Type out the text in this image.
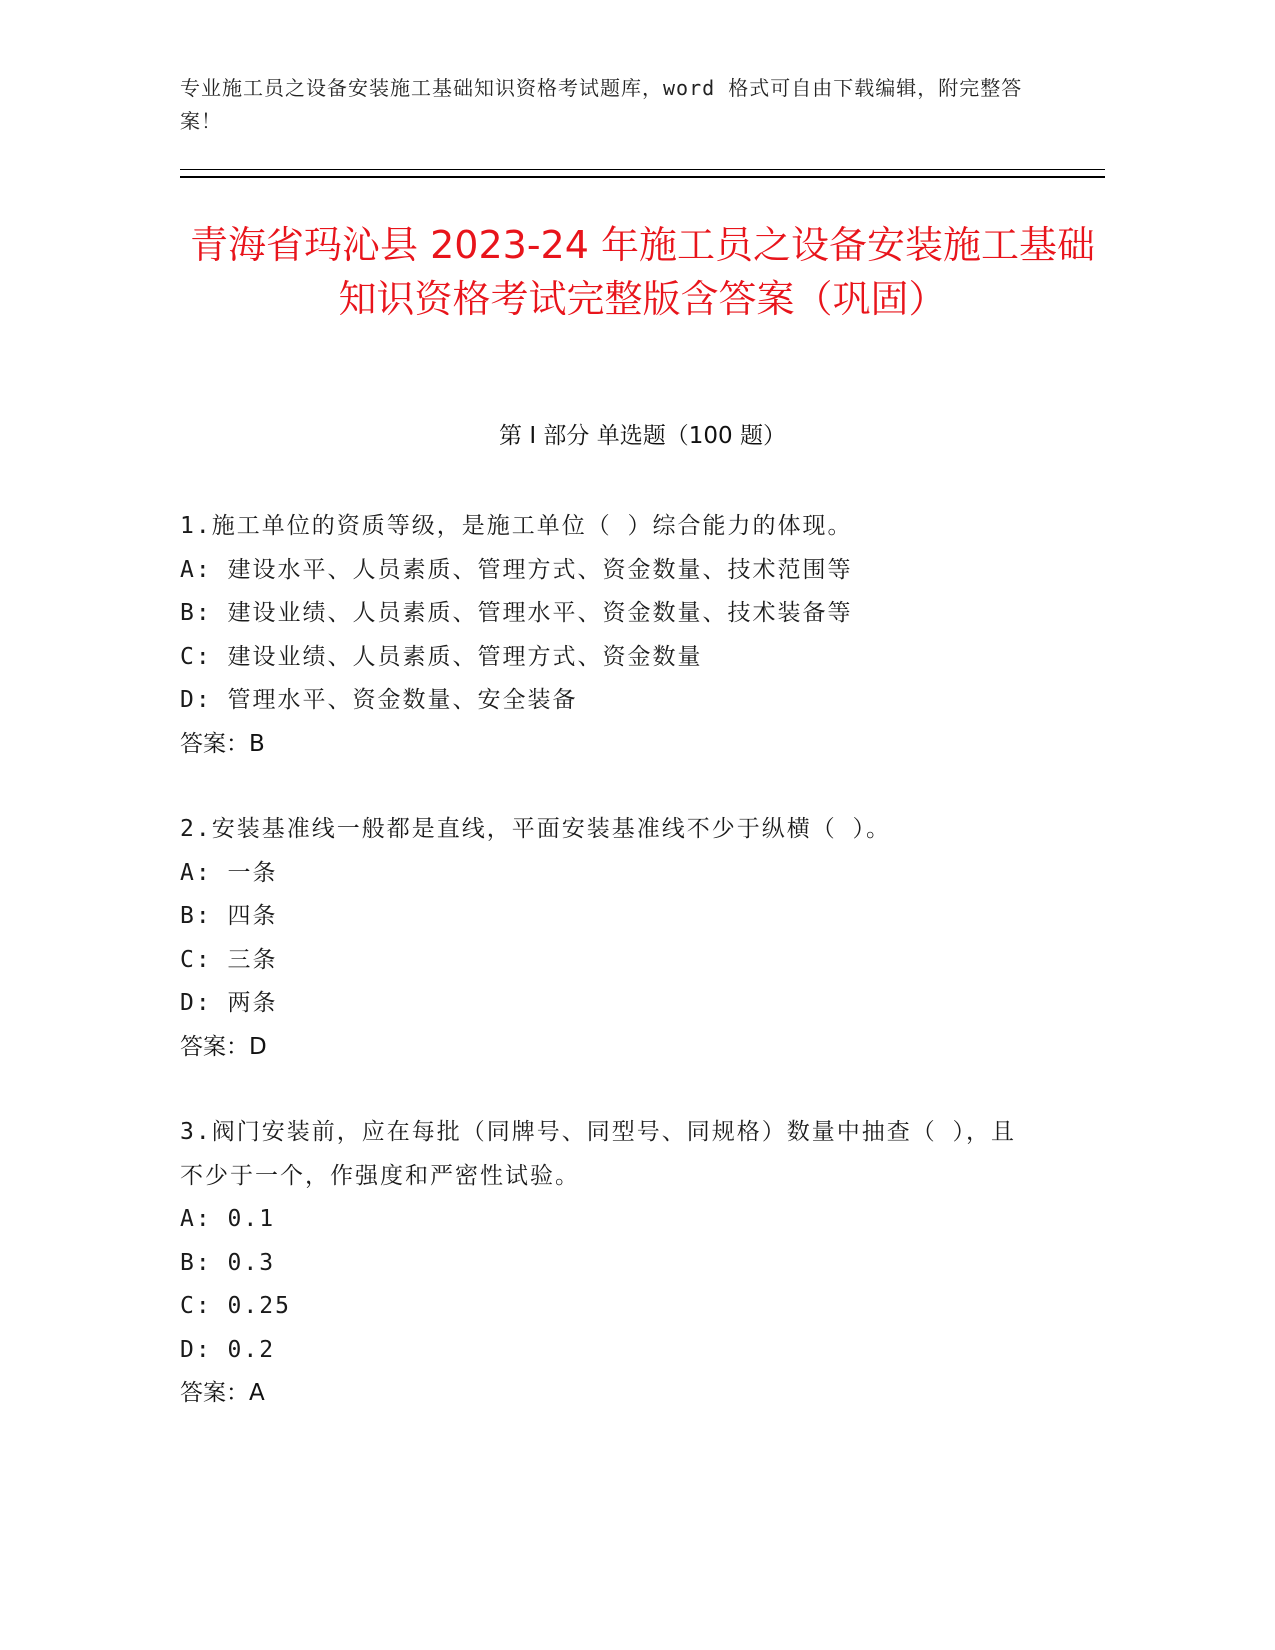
专业施工员之设备安装施工基础知识资格考试题库，word 格式可自由下载编辑，附完整答案！
青海省玛沁县 2023-24 年施工员之设备安装施工基础知识资格考试完整版含答案（巩固）
第 I 部分 单选题（100 题）
1.施工单位的资质等级，是施工单位（ ）综合能力的体现。
A: 建设水平、人员素质、管理方式、资金数量、技术范围等
B: 建设业绩、人员素质、管理水平、资金数量、技术装备等
C: 建设业绩、人员素质、管理方式、资金数量
D: 管理水平、资金数量、安全装备
答案：B
2.安装基准线一般都是直线，平面安装基准线不少于纵横（ ）。
A: 一条
B: 四条
C: 三条
D: 两条
答案：D
3.阀门安装前，应在每批（同牌号、同型号、同规格）数量中抽查（ ），且不少于一个，作强度和严密性试验。
A: 0.1
B: 0.3
C: 0.25
D: 0.2
答案：A
